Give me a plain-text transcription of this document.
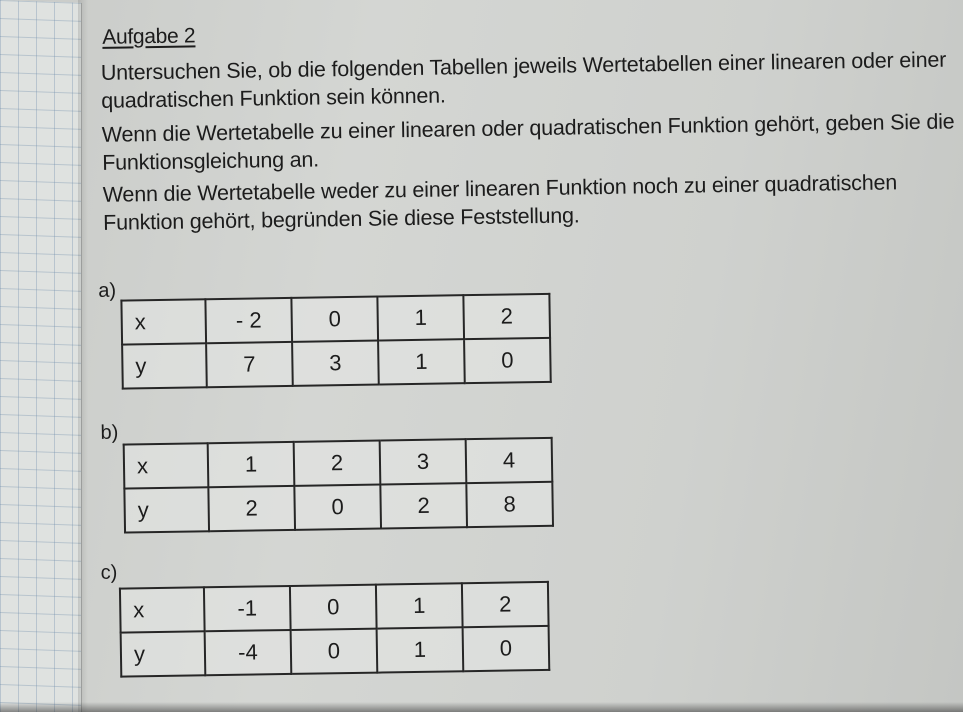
Aufgabe 2
Untersuchen Sie, ob die folgenden Tabellen jeweils Wertetabellen einer linearen oder einer
quadratischen Funktion sein können.
Wenn die Wertetabelle zu einer linearen oder quadratischen Funktion gehört, geben Sie die
Funktionsgleichung an.
Wenn die Wertetabelle weder zu einer linearen Funktion noch zu einer quadratischen
Funktion gehört, begründen Sie diese Feststellung.
a)
x	- 2	0	1	2
y	7	3	1	0
b)
x	1	2	3	4
y	2	0	2	8
c)
x	-1	0	1	2
y	-4	0	1	0
